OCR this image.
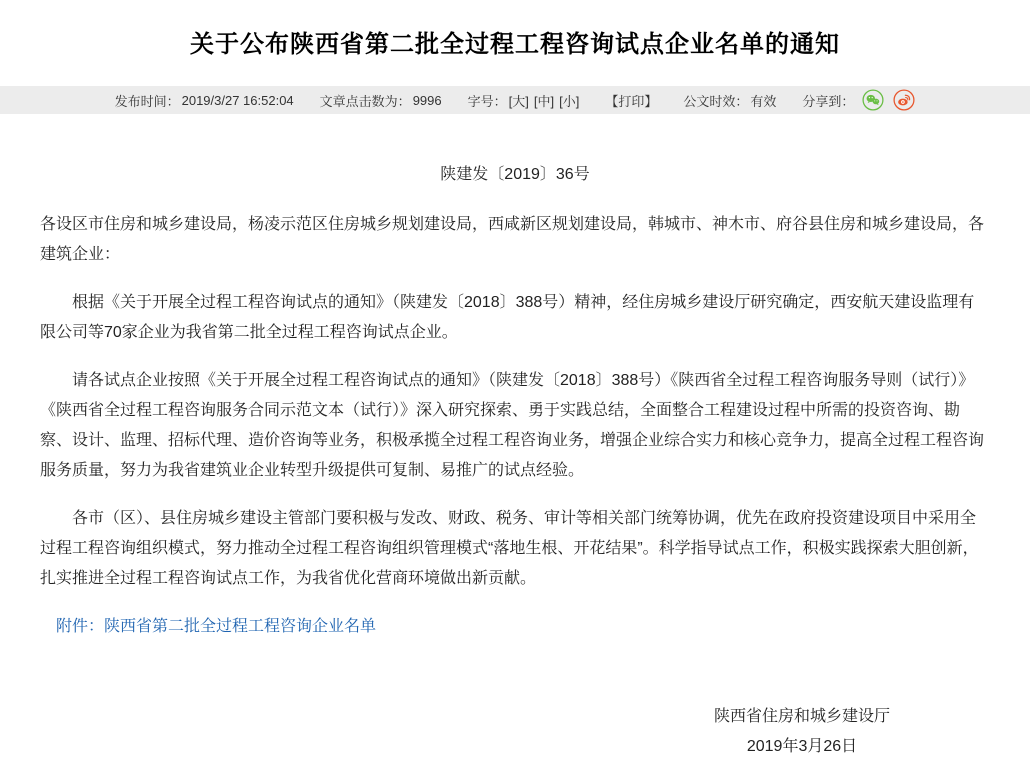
关于公布陕西省第二批全过程工程咨询试点企业名单的通知
发布时间： 2019/3/27 16:52:04 文章点击数为： 9996 字号： [大] [中] [小] 【打印】 公文时效： 有效 分享到：
陕建发〔2019〕36号

各设区市住房和城乡建设局，杨凌示范区住房城乡规划建设局，西咸新区规划建设局，韩城市、神木市、府谷县住房和城乡建设局，各建筑企业：

根据《关于开展全过程工程咨询试点的通知》（陕建发〔2018〕388号）精神，经住房城乡建设厅研究确定，西安航天建设监理有限公司等70家企业为我省第二批全过程工程咨询试点企业。

请各试点企业按照《关于开展全过程工程咨询试点的通知》（陕建发〔2018〕388号）《陕西省全过程工程咨询服务导则（试行）》《陕西省全过程工程咨询服务合同示范文本（试行）》深入研究探索、勇于实践总结，全面整合工程建设过程中所需的投资咨询、勘察、设计、监理、招标代理、造价咨询等业务，积极承揽全过程工程咨询业务，增强企业综合实力和核心竞争力，提高全过程工程咨询服务质量，努力为我省建筑业企业转型升级提供可复制、易推广的试点经验。

各市（区）、县住房城乡建设主管部门要积极与发改、财政、税务、审计等相关部门统筹协调，优先在政府投资建设项目中采用全过程工程咨询组织模式，努力推动全过程工程咨询组织管理模式“落地生根、开花结果”。科学指导试点工作，积极实践探索大胆创新，扎实推进全过程工程咨询试点工作，为我省优化营商环境做出新贡献。

附件：陕西省第二批全过程工程咨询企业名单

陕西省住房和城乡建设厅
2019年3月26日
